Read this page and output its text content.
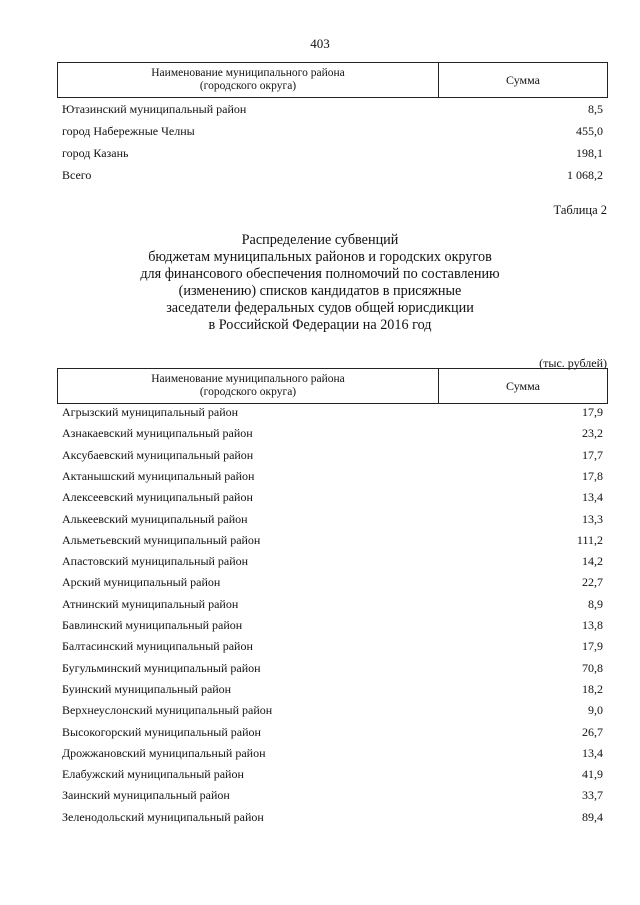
403
Наименование муниципального района
(городского округа)	Сумма
Ютазинский муниципальный район	8,5
город Набережные Челны	455,0
город Казань	198,1
Всего	1 068,2
Таблица 2
Распределение субвенций
бюджетам муниципальных районов и городских округов
для финансового обеспечения полномочий по составлению
(изменению) списков кандидатов в присяжные
заседатели федеральных судов общей юрисдикции
в Российской Федерации на 2016 год
(тыс. рублей)
Наименование муниципального района
(городского округа)	Сумма
Агрызский муниципальный район	17,9
Азнакаевский муниципальный район	23,2
Аксубаевский муниципальный район	17,7
Актанышский муниципальный район	17,8
Алексеевский муниципальный район	13,4
Алькеевский муниципальный район	13,3
Альметьевский муниципальный район	111,2
Апастовский муниципальный район	14,2
Арский муниципальный район	22,7
Атнинский муниципальный район	8,9
Бавлинский муниципальный район	13,8
Балтасинский муниципальный район	17,9
Бугульминский муниципальный район	70,8
Буинский муниципальный район	18,2
Верхнеуслонский муниципальный район	9,0
Высокогорский муниципальный район	26,7
Дрожжановский муниципальный район	13,4
Елабужский муниципальный район	41,9
Заинский муниципальный район	33,7
Зеленодольский муниципальный район	89,4
